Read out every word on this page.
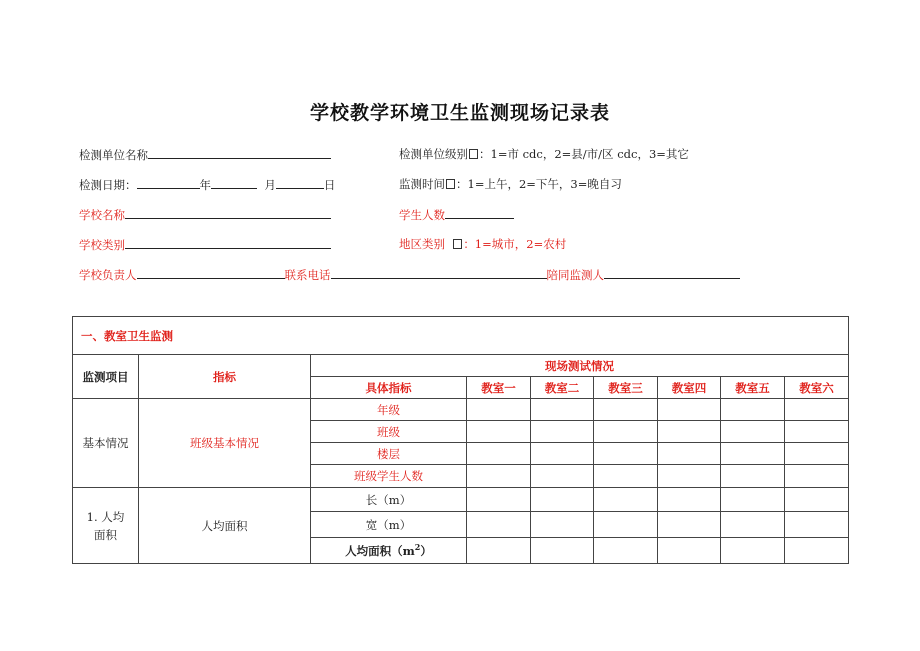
学校教学环境卫生监测现场记录表
检测单位名称	检测单位级别 ：1=市 cdc，2=县/市/区 cdc，3=其它
检测日期：	年	月	日	监测时间 ：1=上午，2=下午，3=晚自习
学校名称	学生人数
学校类别	地区类别 ：1=城市，2=农村
学校负责人	联系电话	陪同监测人
一、教室卫生监测								
监测项目	指标	现场测试情况						
		具体指标	教室一	教室二	教室三	教室四	教室五	教室六
基本情况	班级基本情况	年级						
		班级						
		楼层						
		班级学生人数						
1. 人均面积	人均面积	长（m）						
		宽（m）						
		人均面积$(m^2)$						
